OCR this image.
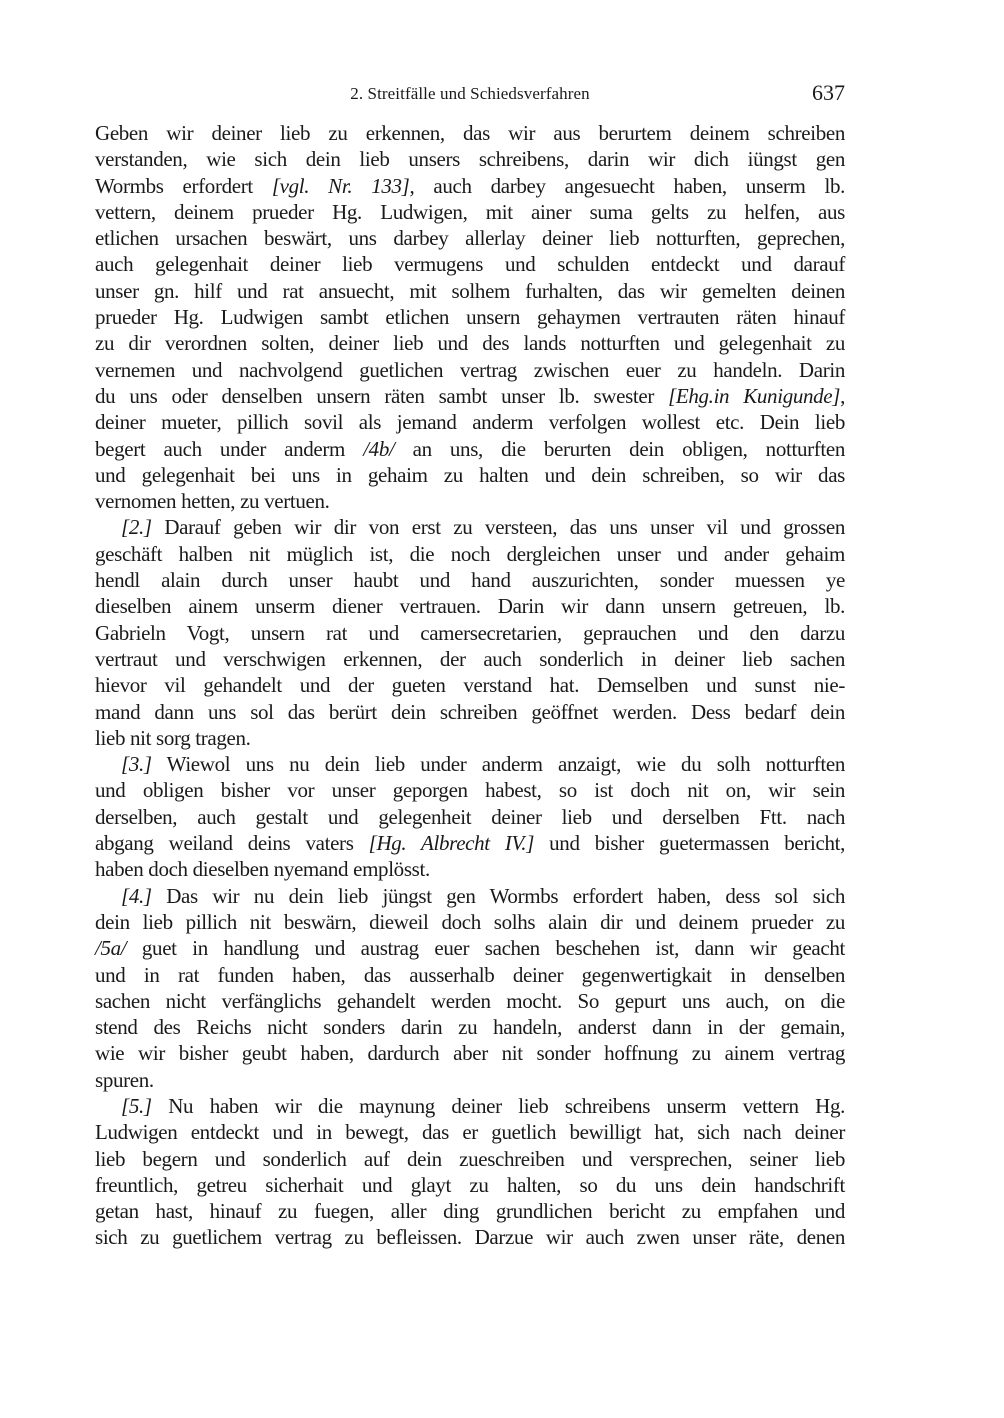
2. Streitfälle und Schiedsverfahren	637
Geben wir deiner lieb zu erkennen, das wir aus berurtem deinem schreiben
verstanden, wie sich dein lieb unsers schreibens, darin wir dich iüngst gen
Wormbs erfordert [vgl. Nr. 133], auch darbey angesuecht haben, unserm lb.
vettern, deinem prueder Hg. Ludwigen, mit ainer suma gelts zu helfen, aus
etlichen ursachen beswärt, uns darbey allerlay deiner lieb notturften, geprechen,
auch gelegenhait deiner lieb vermugens und schulden entdeckt und darauf
unser gn. hilf und rat ansuecht, mit solhem furhalten, das wir gemelten deinen
prueder Hg. Ludwigen sambt etlichen unsern gehaymen vertrauten räten hinauf
zu dir verordnen solten, deiner lieb und des lands notturften und gelegenhait zu
vernemen und nachvolgend guetlichen vertrag zwischen euer zu handeln. Darin
du uns oder denselben unsern räten sambt unser lb. swester [Ehg.in Kunigunde],
deiner mueter, pillich sovil als jemand anderm verfolgen wollest etc. Dein lieb
begert auch under anderm /4b/ an uns, die berurten dein obligen, notturften
und gelegenhait bei uns in gehaim zu halten und dein schreiben, so wir das
vernomen hetten, zu vertuen.
[2.] Darauf geben wir dir von erst zu versteen, das uns unser vil und grossen
geschäft halben nit müglich ist, die noch dergleichen unser und ander gehaim
hendl alain durch unser haubt und hand auszurichten, sonder muessen ye
dieselben ainem unserm diener vertrauen. Darin wir dann unsern getreuen, lb.
Gabrieln Vogt, unsern rat und camersecretarien, geprauchen und den darzu
vertraut und verschwigen erkennen, der auch sonderlich in deiner lieb sachen
hievor vil gehandelt und der gueten verstand hat. Demselben und sunst nie-
mand dann uns sol das berürt dein schreiben geöffnet werden. Dess bedarf dein
lieb nit sorg tragen.
[3.] Wiewol uns nu dein lieb under anderm anzaigt, wie du solh notturften
und obligen bisher vor unser geporgen habest, so ist doch nit on, wir sein
derselben, auch gestalt und gelegenheit deiner lieb und derselben Ftt. nach
abgang weiland deins vaters [Hg. Albrecht IV.] und bisher guetermassen bericht,
haben doch dieselben nyemand emplösst.
[4.] Das wir nu dein lieb jüngst gen Wormbs erfordert haben, dess sol sich
dein lieb pillich nit beswärn, dieweil doch solhs alain dir und deinem prueder zu
/5a/ guet in handlung und austrag euer sachen beschehen ist, dann wir geacht
und in rat funden haben, das ausserhalb deiner gegenwertigkait in denselben
sachen nicht verfänglichs gehandelt werden mocht. So gepurt uns auch, on die
stend des Reichs nicht sonders darin zu handeln, anderst dann in der gemain,
wie wir bisher geubt haben, dardurch aber nit sonder hoffnung zu ainem vertrag
spuren.
[5.] Nu haben wir die maynung deiner lieb schreibens unserm vettern Hg.
Ludwigen entdeckt und in bewegt, das er guetlich bewilligt hat, sich nach deiner
lieb begern und sonderlich auf dein zueschreiben und versprechen, seiner lieb
freuntlich, getreu sicherhait und glayt zu halten, so du uns dein handschrift
getan hast, hinauf zu fuegen, aller ding grundlichen bericht zu empfahen und
sich zu guetlichem vertrag zu befleissen. Darzue wir auch zwen unser räte, denen
